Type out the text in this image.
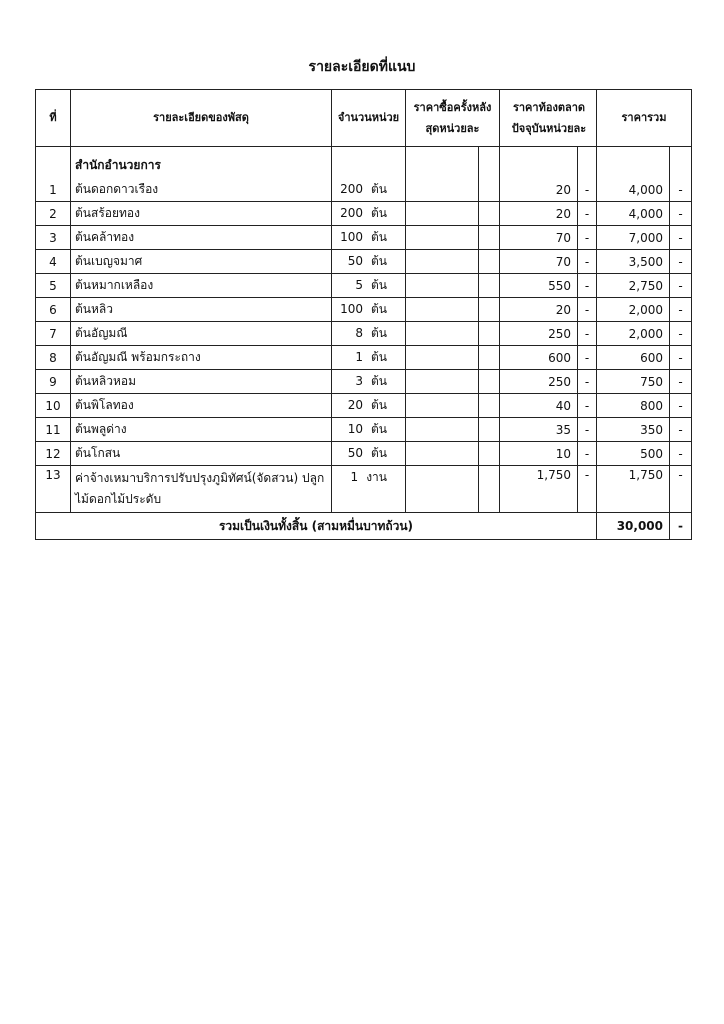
รายละเอียดที่แนบ
ที่	รายละเอียดของพัสดุ	จำนวนหน่วย	ราคาซื้อครั้งหลังสุดหน่วยละ		ราคาท้องตลาดปัจจุบันหน่วยละ		ราคารวม	
	สำนักอำนวยการ							
1	ต้นดอกดาวเรือง	200 ต้น			20	-	4,000	-
2	ต้นสร้อยทอง	200 ต้น			20	-	4,000	-
3	ต้นคล้าทอง	100 ต้น			70	-	7,000	-
4	ต้นเบญจมาศ	50 ต้น			70	-	3,500	-
5	ต้นหมากเหลือง	5 ต้น			550	-	2,750	-
6	ต้นหลิว	100 ต้น			20	-	2,000	-
7	ต้นอัญมณี	8 ต้น			250	-	2,000	-
8	ต้นอัญมณี พร้อมกระถาง	1 ต้น			600	-	600	-
9	ต้นหลิวหอม	3 ต้น			250	-	750	-
10	ต้นพิโลทอง	20 ต้น			40	-	800	-
11	ต้นพลูด่าง	10 ต้น			35	-	350	-
12	ต้นโกสน	50 ต้น			10	-	500	-
13	ค่าจ้างเหมาบริการปรับปรุงภูมิทัศน์(จัดสวน) ปลูกไม้ดอกไม้ประดับ	1 งาน			1,750	-	1,750	-
รวมเป็นเงินทั้งสิ้น (สามหมื่นบาทถ้วน)							30,000	-
